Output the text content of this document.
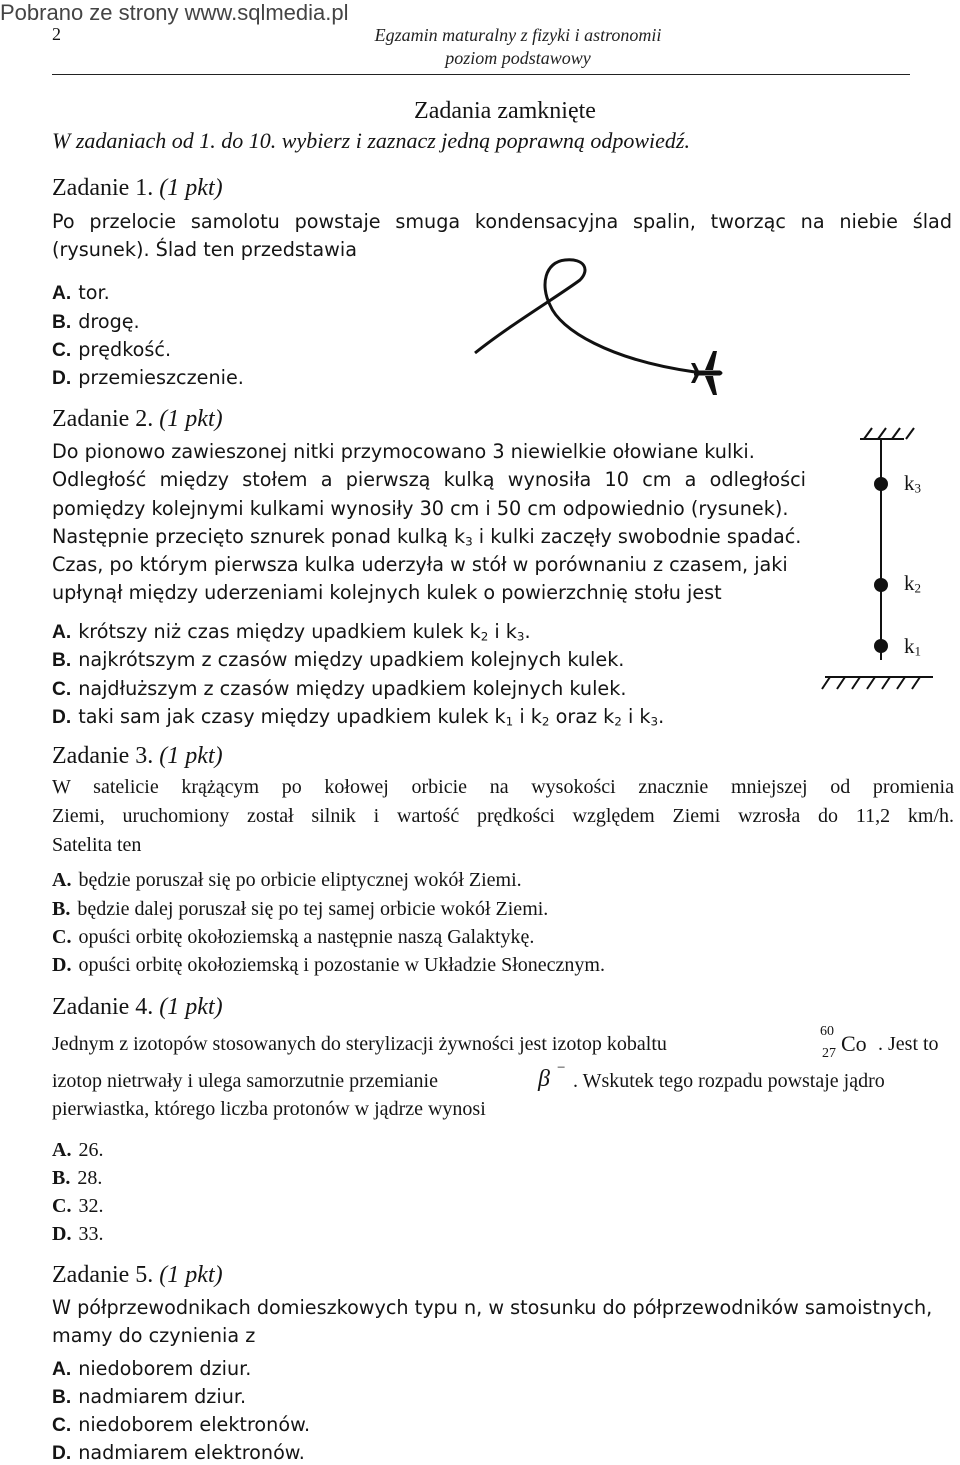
Pobrano ze strony www.sqlmedia.pl
2	Egzamin maturalny z fizyki i astronomii
poziom podstawowy
Zadania zamknięte
W zadaniach od 1. do 10. wybierz i zaznacz jedną poprawną odpowiedź.
Zadanie 1. (1 pkt)
Po przelocie samolotu powstaje smuga kondensacyjna spalin, tworząc na niebie ślad
(rysunek). Ślad ten przedstawia
A. tor.
B. drogę.
C. prędkość.
D. przemieszczenie.
Zadanie 2. (1 pkt)
Do pionowo zawieszonej nitki przymocowano 3 niewielkie ołowiane kulki.
Odległość między stołem a pierwszą kulką wynosiła 10 cm a odległości
pomiędzy kolejnymi kulkami wynosiły 30 cm i 50 cm odpowiednio (rysunek).
Następnie przecięto sznurek ponad kulką $k_3$ i kulki zaczęły swobodnie spadać.
Czas, po którym pierwsza kulka uderzyła w stół w porównaniu z czasem, jaki
upłynął między uderzeniami kolejnych kulek o powierzchnię stołu jest
A. krótszy niż czas między upadkiem kulek $k_2$ i $k_3$.
B. najkrótszym z czasów między upadkiem kolejnych kulek.
C. najdłuższym z czasów między upadkiem kolejnych kulek.
D. taki sam jak czasy między upadkiem kulek $k_1$ i $k_2$ oraz $k_2$ i $k_3$.
$k_3$
$k_2$
$k_1$
Zadanie 3. (1 pkt)
W satelicie krążącym po kołowej orbicie na wysokości znacznie mniejszej od promienia
Ziemi, uruchomiony został silnik i wartość prędkości względem Ziemi wzrosła do 11,2 km/h.
Satelita ten
A. będzie poruszał się po orbicie eliptycznej wokół Ziemi.
B. będzie dalej poruszał się po tej samej orbicie wokół Ziemi.
C. opuści orbitę okołoziemską a następnie naszą Galaktykę.
D. opuści orbitę okołoziemską i pozostanie w Układzie Słonecznym.
Zadanie 4. (1 pkt)
Jednym z izotopów stosowanych do sterylizacji żywności jest izotop kobaltu
60
27 Co . Jest to
izotop nietrwały i ulega samorzutnie przemianie	β −
. Wskutek tego rozpadu powstaje jądro
pierwiastka, którego liczba protonów w jądrze wynosi
A. 26.
B. 28.
C. 32.
D. 33.
Zadanie 5. (1 pkt)
W półprzewodnikach domieszkowych typu n, w stosunku do półprzewodników samoistnych,
mamy do czynienia z
A. niedoborem dziur.
B. nadmiarem dziur.
C. niedoborem elektronów.
D. nadmiarem elektronów.
